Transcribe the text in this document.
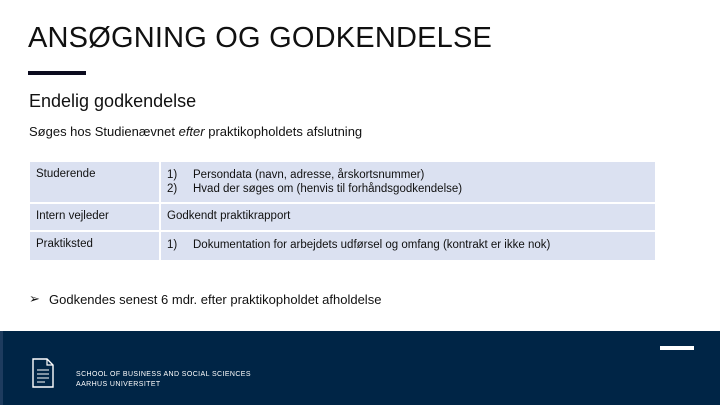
ANSØGNING OG GODKENDELSE
Endelig godkendelse
Søges hos Studienævnet efter praktikopholdets afslutning
Studerende	1) Persondata (navn, adresse, årskortsnummer)
2) Hvad der søges om (henvis til forhåndsgodkendelse)

Intern vejleder	Godkendt praktikrapport
Praktiksted	1) Dokumentation for arbejdets udførsel og omfang (kontrakt er ikke nok)
➢ Godkendes senest 6 mdr. efter praktikopholdet afholdelse
SCHOOL OF BUSINESS AND SOCIAL SCIENCES
AARHUS UNIVERSITET
